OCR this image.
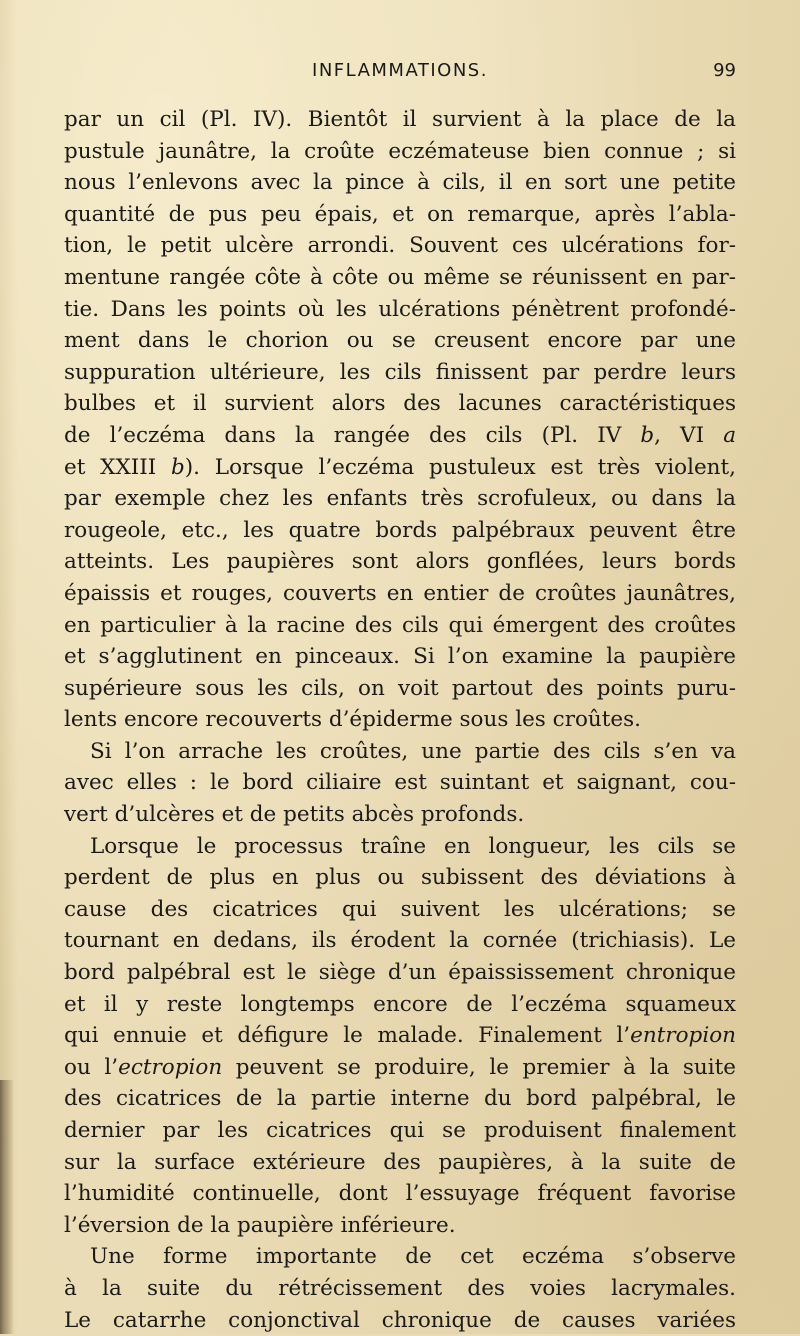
INFLAMMATIONS.	99
par un cil (Pl. IV). Bientôt il survient à la place de la
pustule jaunâtre, la croûte eczémateuse bien connue ; si
nous l’enlevons avec la pince à cils, il en sort une petite
quantité de pus peu épais, et on remarque, après l’abla-
tion, le petit ulcère arrondi. Souvent ces ulcérations for-
mentune rangée côte à côte ou même se réunissent en par-
tie. Dans les points où les ulcérations pénètrent profondé-
ment dans le chorion ou se creusent encore par une
suppuration ultérieure, les cils finissent par perdre leurs
bulbes et il survient alors des lacunes caractéristiques
de l’eczéma dans la rangée des cils (Pl. IV b, VI a
et XXIII b). Lorsque l’eczéma pustuleux est très violent,
par exemple chez les enfants très scrofuleux, ou dans la
rougeole, etc., les quatre bords palpébraux peuvent être
atteints. Les paupières sont alors gonflées, leurs bords
épaissis et rouges, couverts en entier de croûtes jaunâtres,
en particulier à la racine des cils qui émergent des croûtes
et s’agglutinent en pinceaux. Si l’on examine la paupière
supérieure sous les cils, on voit partout des points puru-
lents encore recouverts d’épiderme sous les croûtes.
Si l’on arrache les croûtes, une partie des cils s’en va
avec elles : le bord ciliaire est suintant et saignant, cou-
vert d’ulcères et de petits abcès profonds.
Lorsque le processus traîne en longueur, les cils se
perdent de plus en plus ou subissent des déviations à
cause des cicatrices qui suivent les ulcérations; se
tournant en dedans, ils érodent la cornée (trichiasis). Le
bord palpébral est le siège d’un épaississement chronique
et il y reste longtemps encore de l’eczéma squameux
qui ennuie et défigure le malade. Finalement l’entropion
ou l’ectropion peuvent se produire, le premier à la suite
des cicatrices de la partie interne du bord palpébral, le
dernier par les cicatrices qui se produisent finalement
sur la surface extérieure des paupières, à la suite de
l’humidité continuelle, dont l’essuyage fréquent favorise
l’éversion de la paupière inférieure.
Une forme importante de cet eczéma s’observe
à la suite du rétrécissement des voies lacrymales.
Le catarrhe conjonctival chronique de causes variées
